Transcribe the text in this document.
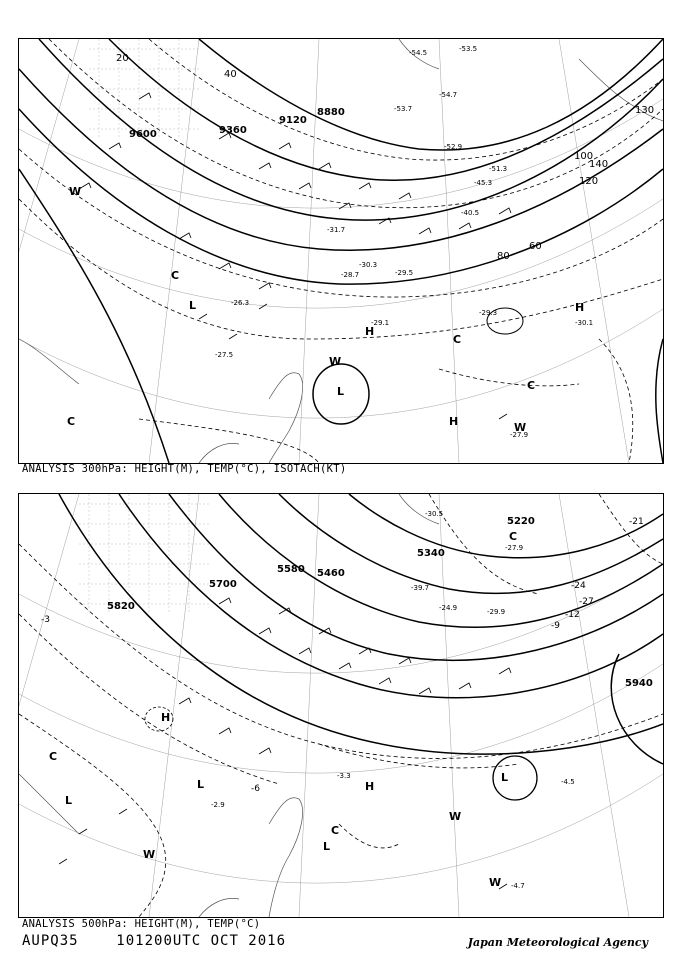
9600	9360
9120
8880
20
40
60
80
100
120
130
140
-54.5	-53.5
-54.7
-53.7
-52.9
-51.3
-45.3
-40.5
-31.7
-30.3
-29.5
-28.7
-27.5
-29.1	-30.1
-29.3
-27.9
-26.3
L
L
H
H
H
C
C
C
C
W
W
W
ANALYSIS 300hPa: HEIGHT(M), TEMP(°C), ISOTACH(KT)
5820
5700
5580 5460
5340
5220
5940
-3
-21
-24
-27
-12
-9
-6
-4.5
-4.7
-2.9
-3.3
-30.5
-27.9
-39.7
-29.9
-24.9
H
H
L
L
L
L
C
C
C
W
W
W
ANALYSIS 500hPa: HEIGHT(M), TEMP(°C)
AUPQ35	101200UTC OCT 2016	Japan Meteorological Agency
